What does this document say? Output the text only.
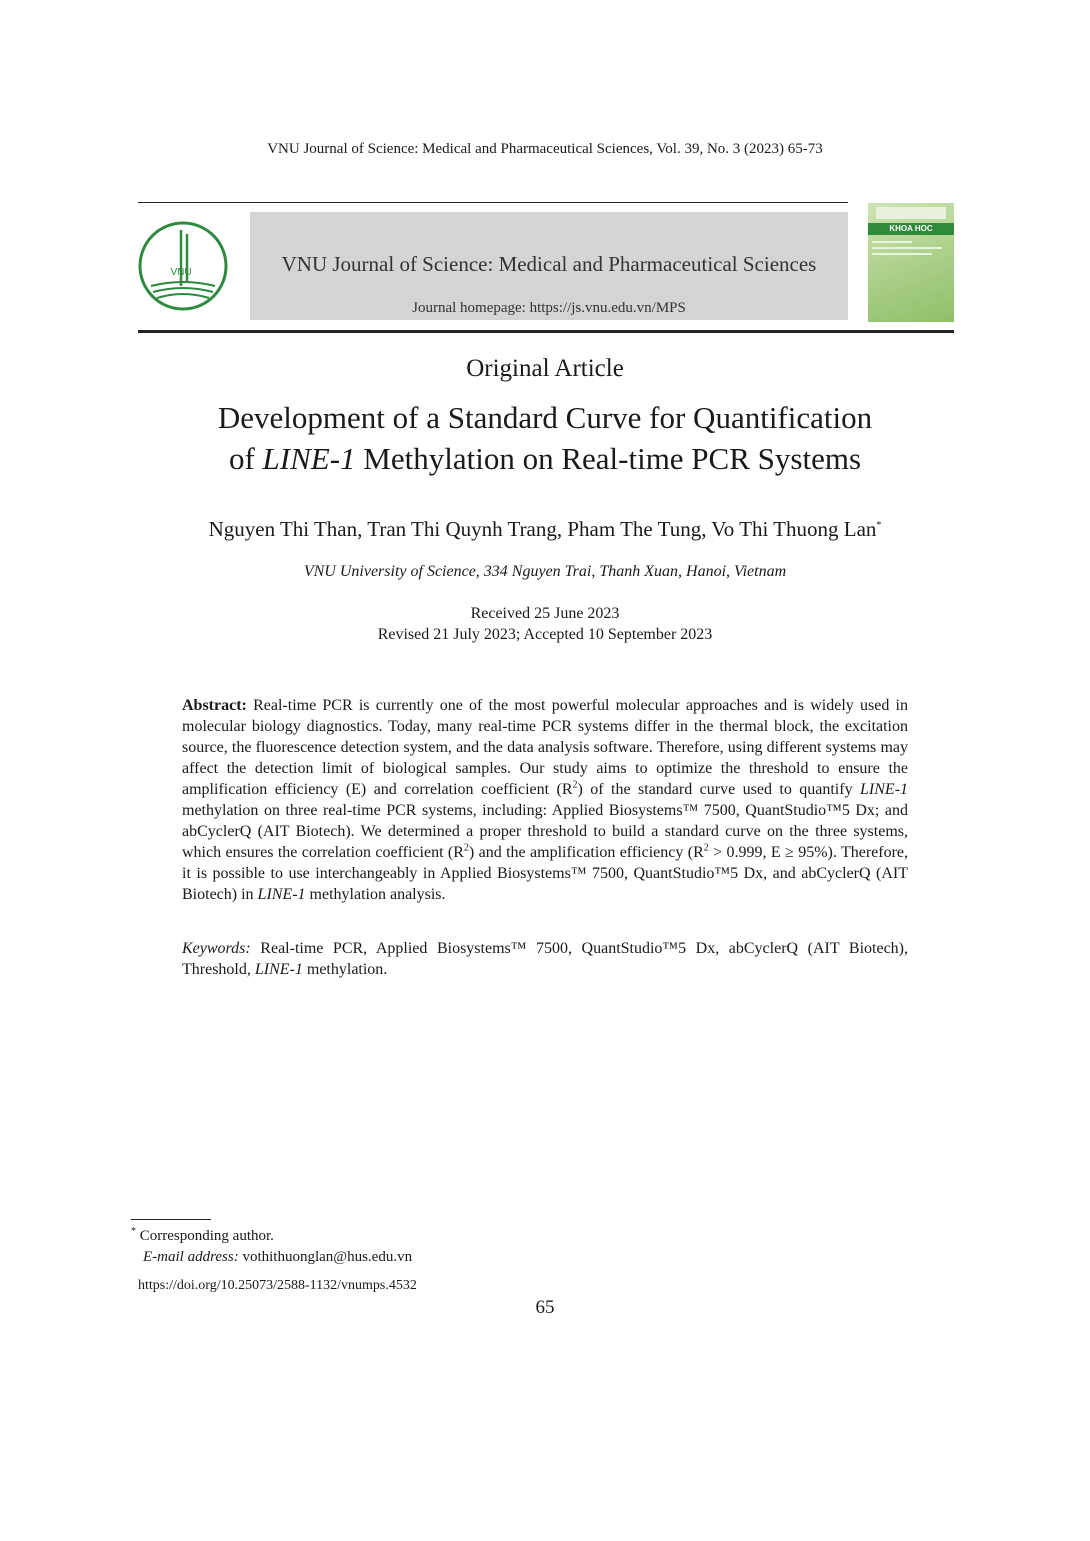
VNU Journal of Science: Medical and Pharmaceutical Sciences, Vol. 39, No. 3 (2023) 65-73
VNU	VNU Journal of Science: Medical and Pharmaceutical Sciences
Journal homepage: https://js.vnu.edu.vn/MPS
KHOA HOC
Original Article
Development of a Standard Curve for Quantification
of LINE-1 Methylation on Real-time PCR Systems
Nguyen Thi Than, Tran Thi Quynh Trang, Pham The Tung, Vo Thi Thuong Lan*
VNU University of Science, 334 Nguyen Trai, Thanh Xuan, Hanoi, Vietnam
Received 25 June 2023
Revised 21 July 2023; Accepted 10 September 2023
Abstract: Real-time PCR is currently one of the most powerful molecular approaches and is widely used in molecular biology diagnostics. Today, many real-time PCR systems differ in the thermal block, the excitation source, the fluorescence detection system, and the data analysis software. Therefore, using different systems may affect the detection limit of biological samples. Our study aims to optimize the threshold to ensure the amplification efficiency (E) and correlation coefficient $(R^2)$ of the standard curve used to quantify LINE-1 methylation on three real-time PCR systems, including: Applied Biosystems™ 7500, QuantStudio™5 Dx; and abCyclerQ (AIT Biotech). We determined a proper threshold to build a standard curve on the three systems, which ensures the correlation coefficient $(R^2)$ and the amplification efficiency ($R^2 > 0.999$, E ≥ 95%). Therefore, it is possible to use interchangeably in Applied Biosystems™ 7500, QuantStudio™5 Dx, and abCyclerQ (AIT Biotech) in LINE-1 methylation analysis.
Keywords: Real-time PCR, Applied Biosystems™ 7500, QuantStudio™5 Dx, abCyclerQ (AIT Biotech), Threshold, LINE-1 methylation.
* Corresponding author.
E-mail address: vothithuonglan@hus.edu.vn
https://doi.org/10.25073/2588-1132/vnumps.4532
65
